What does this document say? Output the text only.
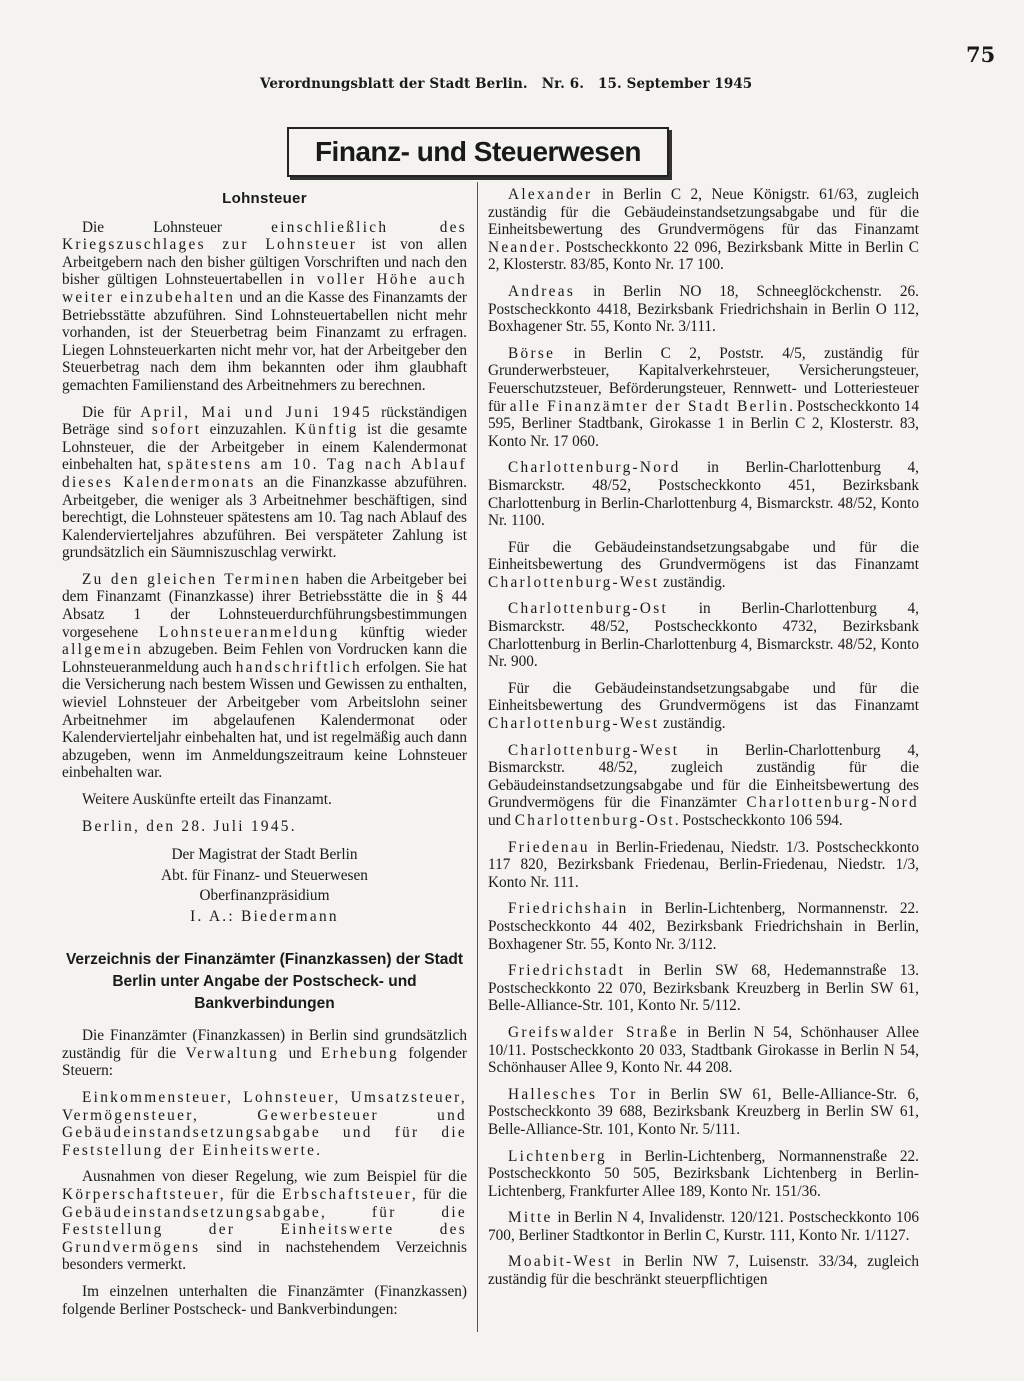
75
Verordnungsblatt der Stadt Berlin. Nr. 6. 15. September 1945
Finanz- und Steuerwesen
Lohnsteuer

Die Lohnsteuer einschließlich des Kriegszuschlages zur Lohnsteuer ist von allen Arbeitgebern nach den bisher gültigen Vorschriften und nach den bisher gültigen Lohnsteuertabellen in voller Höhe auch weiter einzubehalten und an die Kasse des Finanzamts der Betriebsstätte abzuführen. Sind Lohnsteuertabellen nicht mehr vorhanden, ist der Steuerbetrag beim Finanzamt zu erfragen. Liegen Lohnsteuerkarten nicht mehr vor, hat der Arbeitgeber den Steuerbetrag nach dem ihm bekannten oder ihm glaubhaft gemachten Familienstand des Arbeitnehmers zu berechnen.

Die für April, Mai und Juni 1945 rückständigen Beträge sind sofort einzuzahlen. Künftig ist die gesamte Lohnsteuer, die der Arbeitgeber in einem Kalendermonat einbehalten hat, spätestens am 10. Tag nach Ablauf dieses Kalendermonats an die Finanzkasse abzuführen. Arbeitgeber, die weniger als 3 Arbeitnehmer beschäftigen, sind berechtigt, die Lohnsteuer spätestens am 10. Tag nach Ablauf des Kalendervierteljahres abzuführen. Bei verspäteter Zahlung ist grundsätzlich ein Säumniszuschlag verwirkt.

Zu den gleichen Terminen haben die Arbeitgeber bei dem Finanzamt (Finanzkasse) ihrer Betriebsstätte die in § 44 Absatz 1 der Lohnsteuerdurchführungsbestimmungen vorgesehene Lohnsteueranmeldung künftig wieder allgemein abzugeben. Beim Fehlen von Vordrucken kann die Lohnsteueranmeldung auch handschriftlich erfolgen. Sie hat die Versicherung nach bestem Wissen und Gewissen zu enthalten, wieviel Lohnsteuer der Arbeitgeber vom Arbeitslohn seiner Arbeitnehmer im abgelaufenen Kalendermonat oder Kalendervierteljahr einbehalten hat, und ist regelmäßig auch dann abzugeben, wenn im Anmeldungszeitraum keine Lohnsteuer einbehalten war.

Weitere Auskünfte erteilt das Finanzamt.

Berlin, den 28. Juli 1945.

Der Magistrat der Stadt Berlin
Abt. für Finanz- und Steuerwesen
Oberfinanzpräsidium
I. A.: Biedermann
Verzeichnis der Finanzämter (Finanzkassen) der Stadt Berlin unter Angabe der Postscheck- und Bankverbindungen

Die Finanzämter (Finanzkassen) in Berlin sind grundsätzlich zuständig für die Verwaltung und Erhebung folgender Steuern:

Einkommensteuer, Lohnsteuer, Umsatzsteuer, Vermögensteuer, Gewerbesteuer und Gebäudeinstandsetzungsabgabe und für die Feststellung der Einheitswerte.

Ausnahmen von dieser Regelung, wie zum Beispiel für die Körperschaftsteuer, für die Erbschaftsteuer, für die Gebäudeinstandsetzungsabgabe, für die Feststellung der Einheitswerte des Grundvermögens sind in nachstehendem Verzeichnis besonders vermerkt.

Im einzelnen unterhalten die Finanzämter (Finanzkassen) folgende Berliner Postscheck- und Bankverbindungen:

Alexander in Berlin C 2, Neue Königstr. 61/63, zugleich zuständig für die Gebäudeinstandsetzungsabgabe und für die Einheitsbewertung des Grundvermögens für das Finanzamt Neander. Postscheckkonto 22 096, Bezirksbank Mitte in Berlin C 2, Klosterstr. 83/85, Konto Nr. 17 100.

Andreas in Berlin NO 18, Schneeglöckchenstr. 26. Postscheckkonto 4418, Bezirksbank Friedrichshain in Berlin O 112, Boxhagener Str. 55, Konto Nr. 3/111.

Börse in Berlin C 2, Poststr. 4/5, zuständig für Grunderwerbsteuer, Kapitalverkehrsteuer, Versicherungsteuer, Feuerschutzsteuer, Beförderungsteuer, Rennwett- und Lotteriesteuer für alle Finanzämter der Stadt Berlin. Postscheckkonto 14 595, Berliner Stadtbank, Girokasse 1 in Berlin C 2, Klosterstr. 83, Konto Nr. 17 060.

Charlottenburg-Nord in Berlin-Charlottenburg 4, Bismarckstr. 48/52, Postscheckkonto 451, Bezirksbank Charlottenburg in Berlin-Charlottenburg 4, Bismarckstr. 48/52, Konto Nr. 1100.

Für die Gebäudeinstandsetzungsabgabe und für die Einheitsbewertung des Grundvermögens ist das Finanzamt Charlottenburg-West zuständig.

Charlottenburg-Ost in Berlin-Charlottenburg 4, Bismarckstr. 48/52, Postscheckkonto 4732, Bezirksbank Charlottenburg in Berlin-Charlottenburg 4, Bismarckstr. 48/52, Konto Nr. 900.

Für die Gebäudeinstandsetzungsabgabe und für die Einheitsbewertung des Grundvermögens ist das Finanzamt Charlottenburg-West zuständig.

Charlottenburg-West in Berlin-Charlottenburg 4, Bismarckstr. 48/52, zugleich zuständig für die Gebäudeinstandsetzungsabgabe und für die Einheitsbewertung des Grundvermögens für die Finanzämter Charlottenburg-Nord und Charlottenburg-Ost. Postscheckkonto 106 594.

Friedenau in Berlin-Friedenau, Niedstr. 1/3. Postscheckkonto 117 820, Bezirksbank Friedenau, Berlin-Friedenau, Niedstr. 1/3, Konto Nr. 111.

Friedrichshain in Berlin-Lichtenberg, Normannenstr. 22. Postscheckkonto 44 402, Bezirksbank Friedrichshain in Berlin, Boxhagener Str. 55, Konto Nr. 3/112.

Friedrichstadt in Berlin SW 68, Hedemannstraße 13. Postscheckkonto 22 070, Bezirksbank Kreuzberg in Berlin SW 61, Belle-Alliance-Str. 101, Konto Nr. 5/112.

Greifswalder Straße in Berlin N 54, Schönhauser Allee 10/11. Postscheckkonto 20 033, Stadtbank Girokasse in Berlin N 54, Schönhauser Allee 9, Konto Nr. 44 208.

Hallesches Tor in Berlin SW 61, Belle-Alliance-Str. 6, Postscheckkonto 39 688, Bezirksbank Kreuzberg in Berlin SW 61, Belle-Alliance-Str. 101, Konto Nr. 5/111.

Lichtenberg in Berlin-Lichtenberg, Normannenstraße 22. Postscheckkonto 50 505, Bezirksbank Lichtenberg in Berlin-Lichtenberg, Frankfurter Allee 189, Konto Nr. 151/36.

Mitte in Berlin N 4, Invalidenstr. 120/121. Postscheckkonto 106 700, Berliner Stadtkontor in Berlin C, Kurstr. 111, Konto Nr. 1/1127.

Moabit-West in Berlin NW 7, Luisenstr. 33/34, zugleich zuständig für die beschränkt steuerpflichtigen
